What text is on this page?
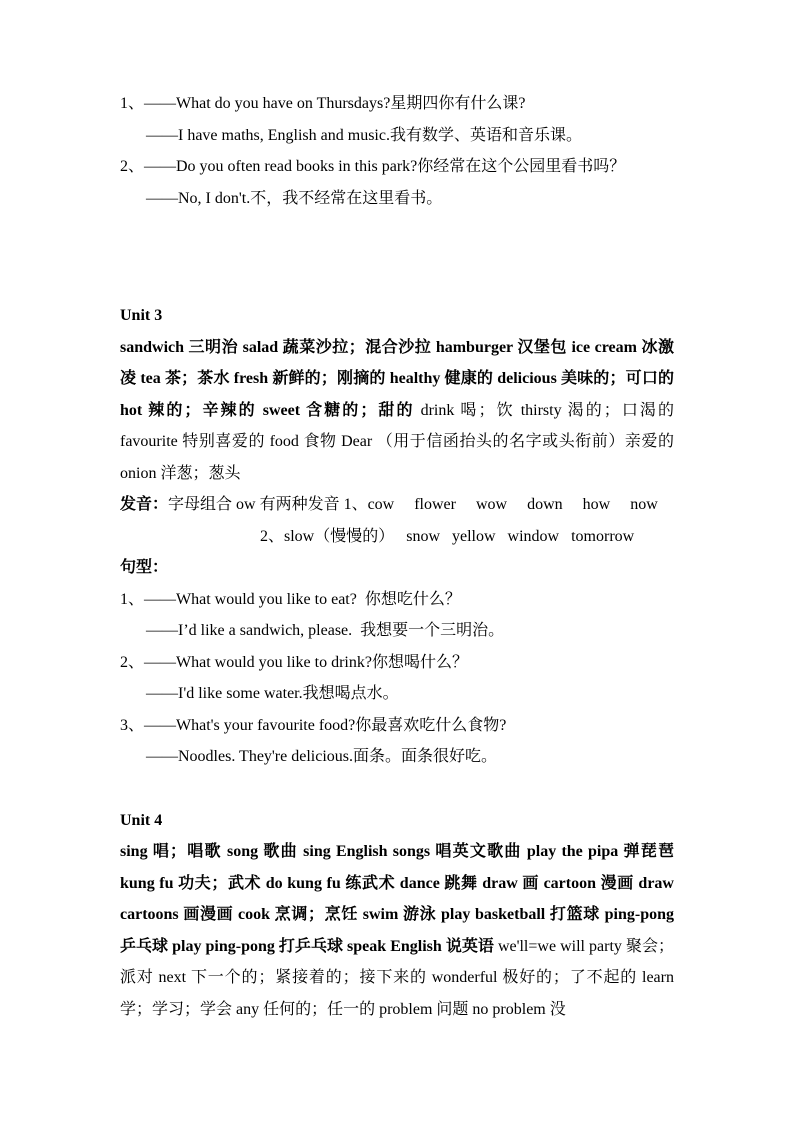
1、——What do you have on Thursdays?星期四你有什么课?

——I have maths, English and music.我有数学、英语和音乐课。

2、——Do you often read books in this park?你经常在这个公园里看书吗？

——No, I don't.不，我不经常在这里看书。

Unit 3

sandwich 三明治 salad 蔬菜沙拉；混合沙拉 hamburger 汉堡包 ice cream 冰激凌 tea 茶；茶水 fresh 新鲜的；刚摘的 healthy 健康的 delicious 美味的；可口的 hot 辣的；辛辣的 sweet 含糖的；甜的 drink 喝；饮 thirsty 渴的；口渴的 favourite 特别喜爱的 food 食物 Dear （用于信函抬头的名字或头衔前）亲爱的 onion 洋葱；葱头

发音：字母组合 ow 有两种发音 1、cow     flower     wow     down     how     now

2、slow（慢慢的）   snow   yellow   window   tomorrow

句型：

1、——What would you like to eat?  你想吃什么？

——I’d like a sandwich, please.  我想要一个三明治。

2、——What would you like to drink?你想喝什么？

——I'd like some water.我想喝点水。

3、——What's your favourite food?你最喜欢吃什么食物?

——Noodles. They're delicious.面条。面条很好吃。

Unit 4

sing 唱；唱歌 song 歌曲 sing English songs 唱英文歌曲 play the pipa 弹琵琶 kung fu 功夫；武术 do kung fu 练武术 dance 跳舞 draw 画 cartoon 漫画 draw cartoons 画漫画 cook 烹调；烹饪 swim 游泳 play basketball 打篮球 ping-pong 乒乓球 play ping-pong 打乒乓球 speak English 说英语 we'll=we will party 聚会；派对 next 下一个的；紧接着的；接下来的 wonderful 极好的；了不起的 learn 学；学习；学会 any 任何的；任一的 problem 问题 no problem 没
